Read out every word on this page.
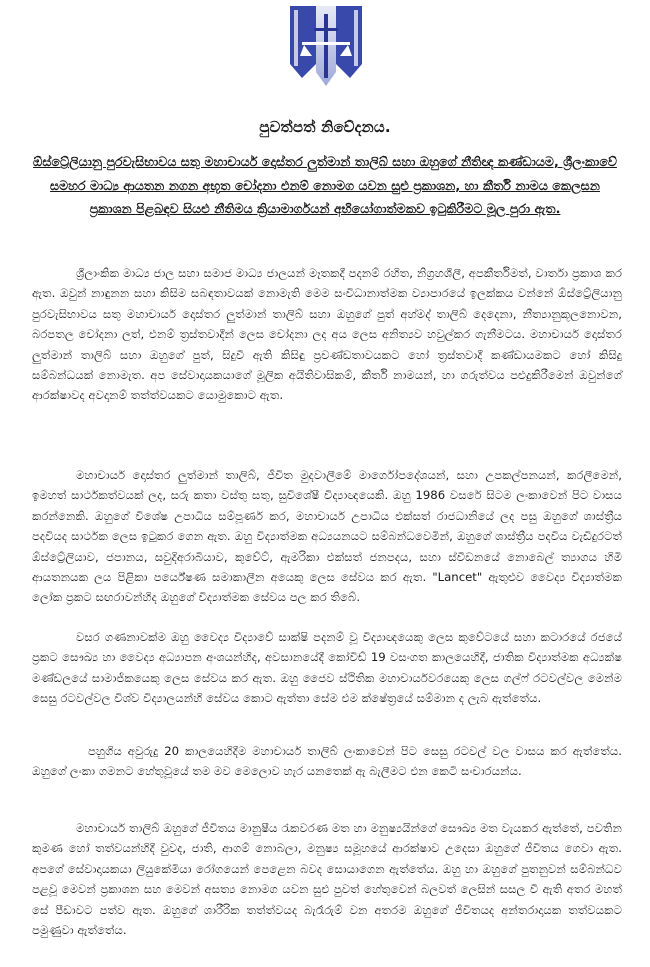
පුවත්පත් නිවේදනය.
ඕස්ට්‍රේලියානු පුරවැසිභාවය සතු මහාචාර්ය දොස්තර ලුත්මාන් තාලිබ් සහා ඔහුගේ නීතිඥ කණ්ඩායම, ශ්‍රීලංකාවේ සමහර මාධ්‍ය ආයතන නගන අභූත චෝදනා එනම් නොමග යවන සුළු ප්‍රකාශන, හා කීර්ති නාමය කෙලසන ප්‍රකාශන පිළබඳව සියළු නීතිමය ක්‍රියාමාර්ගයන් අභියෝගාත්මකව ඉටුකිරීමට මූල පුරා ඇත.

ශ්‍රීලාංකික මාධ්‍ය ජාල සහා සමාජ මාධ්‍ය ජාලයන් මෑතකදී පදනම් රහිත, නිග්‍රහශීලී, අපකීර්තිමත්, වාර්තා ප්‍රකාශ කර ඇත. ඔවුන් නාඳුනන සහා කිසිම සබඳතාවයක් නොමැති මෙම සංවිධානාත්මක ව්‍යාපාරයේ ඉලක්කය වන්නේ ඕස්ට්‍රේලියානු පුරවැසිභාවය සතු මහාචාර්ය දොස්තර ලුත්මාන් තාලිබ් සහා ඔහුගේ පුත් අහ්මද් තාලිබ් දෙදෙනා, නීත්‍යානුකූලනොවන, බරපතල චෝදනා ලත්, එනම් ත්‍රස්තවාදීන් ලෙස චෝදනා ලද අය ලෙස අනිත්‍යව හවුල්කර ගැනීමටය. මහාචාර්ය දොස්තර ලුත්මාන් තාලිබ් සහා ඔහුගේ පුත්, සිදුවී ඇති කිසිඳු ප්‍රචණ්ඩතාවයකට හෝ ත්‍රස්තවාදී කණ්ඩායමකට හෝ කිසිදු සම්බන්ධයක් නොමැත. අප සේවාදායකයාගේ මූලික අයිතිවාසිකම්, කීර්ති නාමයන්, හා ගරුත්වය පළුදුකිරීමෙන් ඔවුන්ගේ ආරක්ෂාවද අවදානම් තත්ත්වයකට යොමුකොට ඇත.

මහාචාර්ය දොස්තර ලුත්මාන් තාලිබ්, ජීවිත මුදවාලීමේ මාර්ගෝපදේශයන්, සහා උපකල්පනයන්, කරලීමෙන්, ඉමහත් සාර්ථකත්වයක් ලද, සරු කතා වස්තු සතු, සුවිශේෂී විද්‍යාඥයෙකි. ඔහු 1986 වසරේ සිටම ලංකාවෙන් පිට වාසය කරන්නෙකි. ඔහුගේ විශේෂ උපාධිය සම්පූර්ණ කර, මහාචාර්ය උපාධිය එක්සත් රාජධානියේ ලද පසු ඔහුගේ ශාස්ත්‍රීය පදවියද සාර්ථක ලෙස ඉටුකර ගෙන ඇත. ඔහු විද්‍යාත්මක අධ්‍යයනයට සම්බන්ධවෙමින්, ඔහුගේ ශාස්ත්‍රීය පදවිය වැඩිදුරටත් ඕස්ට්‍රේලියාව, ජපානය, සවුදිඅරාබියාව, කුවේට්, ඇමරිකා එක්සත් ජනපදය, සහා ස්වීඩනයේ නොබෙල් ත්‍යාගය හිමි ආයතනයක ලය පිළිකා පර්යේෂණ සමාකාලීන අයෙකු ලෙස සේවය කර ඇත. "Lancet" ඇතුළුව වෛද්‍ය විද්‍යාත්මක ලෝක ප්‍රකට සඟරාවන්හිද ඔහුගේ විද්‍යාත්මක සේවය පල කර තිබේ.

වසර ගණනාවක්ම ඔහු වෛද්‍ය විද්‍යාවේ සාක්ෂි පදනම් වූ විද්‍යාඥයෙකු ලෙස කුවේටයේ සහා කටාරයේ රජයේ ප්‍රකට සෞඛ්‍ය හා වෛද්‍ය අධ්‍යාපන අංශයන්හිද, අවසානයේදී කෝවිඩ් 19 වසංගත කාලයෙහිදී, ජාතික විද්‍යාත්මක අධ්‍යක්ෂ මණ්ඩලයේ සාමාජිකයෙකු ලෙස සේවය කර ඇත. ඔහු ජෛව ස්ථිතික මහාචාර්යවරයෙකු ලෙස ගල්ෆ් රටවල්වල මෙන්ම සෙසු රටවල්වල විශ්ව විද්‍යාලයන්හි සේවය කොට ඇත්තා සේම එම ක්ෂේත්‍රයේ සම්මාන ද ලැබ ඇත්තේය.

පහුගිය අවුරුදු 20 කාලයෙහිදීම මහාචාර්ය තාලිබ් ලංකාවෙන් පිට සෙසු රටවල් වල වාසය කර ඇත්තේය. ඔහුගේ ලංකා ගමනට හේතුවූයේ තම මව මෙලොව හැර යනතෙක් ඇ බැලීමට එන කෙටි සංචාරයන්ය.

මහාචාර්ය තාලිබ් ඔහුගේ ජීවිතය මානුෂීය රැකවරණ මත හා මනුෂ්‍යයින්ගේ සෞඛ්‍ය මත වැයකර ඇත්තේ, පවතින කුමණ හෝ තත්වයන්හිදී වුවද, ජාති, ආගම් නොබලා, මනුෂ්‍ය සමූහයේ ආරක්ෂාව උදෙසා ඔහුගේ ජීවිතය ගෙවා ඇත. අපගේ සේවාදායකයා ලියුකේමියා රෝගයෙන් පෙළෙන බවද සොයාගෙන ඇත්තේය. ඔහු හා ඔහුගේ පුතනුවන් සම්බන්ධව පළවූ මෙවන් ප්‍රකාශන සහ මෙවන් අසත්‍ය නොමග යවන සුළු පුවත් හේතුවෙන් බලවත් ලෙසින් සසල වී ඇති අතර මහත් සේ පීඩාවට පත්ව ඇත. ඔහුගේ ශාරීරික තත්ත්වයද බැරෑරුම් වන අතරම ඔහුගේ ජීවිතයද අන්තරාදායක තත්වයකට පමුණුවා ඇත්තේය.
